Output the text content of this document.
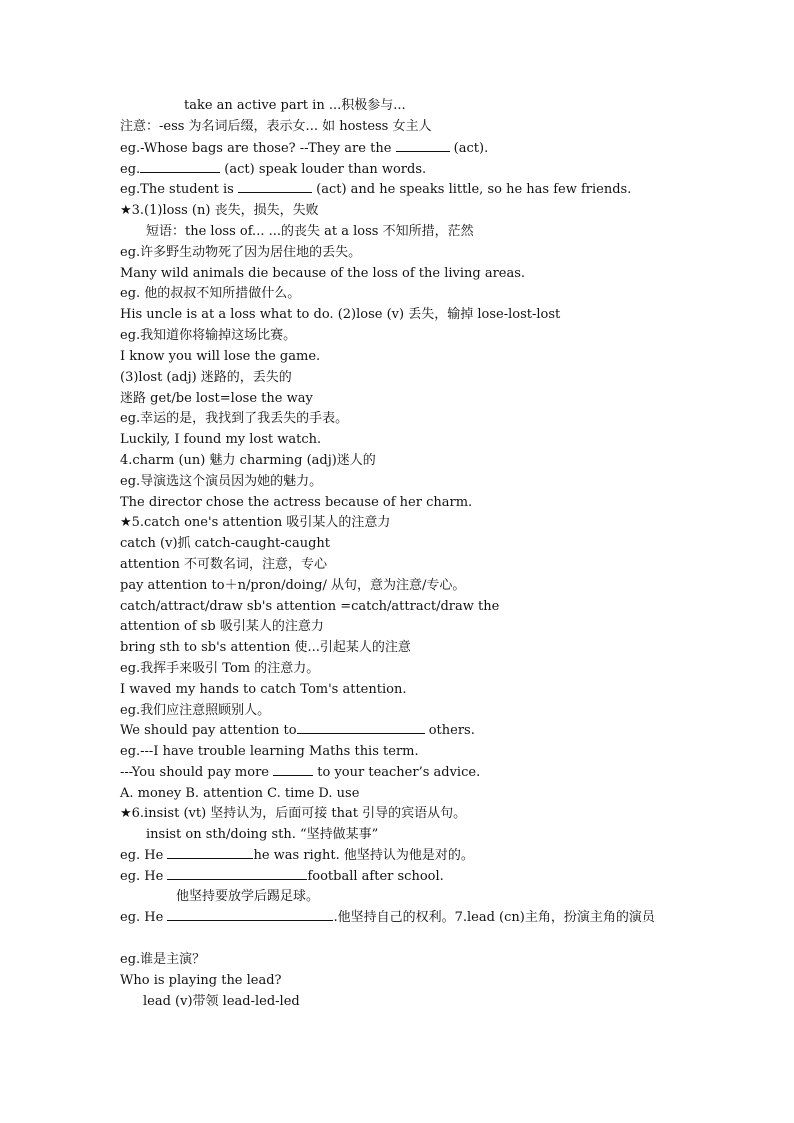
take an active part in ...积极参与...
注意：-ess 为名词后缀，表示女... 如 hostess 女主人
eg.-Whose bags are those? --They are the	(act).
eg.	(act) speak louder than words.
eg.The student is	(act) and he speaks little, so he has few friends.
★3.(1)loss (n) 丧失，损失，失败
短语：the loss of... ...的丧失 at a loss 不知所措，茫然
eg.许多野生动物死了因为居住地的丢失。
Many wild animals die because of the loss of the living areas.
eg. 他的叔叔不知所措做什么。
His uncle is at a loss what to do. (2)lose (v) 丢失，输掉 lose-lost-lost
eg.我知道你将输掉这场比赛。
I know you will lose the game.
(3)lost (adj) 迷路的，丢失的
迷路 get/be lost=lose the way
eg.幸运的是，我找到了我丢失的手表。
Luckily, I found my lost watch.
4.charm (un) 魅力 charming (adj)迷人的
eg.导演选这个演员因为她的魅力。
The director chose the actress because of her charm.
★5.catch one's attention 吸引某人的注意力
catch (v)抓 catch-caught-caught
attention 不可数名词，注意，专心
pay attention to＋n/pron/doing/ 从句，意为注意/专心。
catch/attract/draw sb's attention =catch/attract/draw the
attention of sb 吸引某人的注意力
bring sth to sb's attention 使...引起某人的注意
eg.我挥手来吸引 Tom 的注意力。
I waved my hands to catch Tom's attention.
eg.我们应注意照顾别人。
We should pay attention to	others.
eg.---I have trouble learning Maths this term.
---You should pay more	to your teacher’s advice.
A. money B. attention C. time D. use
★6.insist (vt) 坚持认为，后面可接 that 引导的宾语从句。
insist on sth/doing sth. “坚持做某事”
eg. He	he was right. 他坚持认为他是对的。
eg. He	football after school.
他坚持要放学后踢足球。
eg. He	.他坚持自己的权利。7.lead (cn)主角，扮演主角的演员
eg.谁是主演？
Who is playing the lead?
lead (v)带领 lead-led-led
